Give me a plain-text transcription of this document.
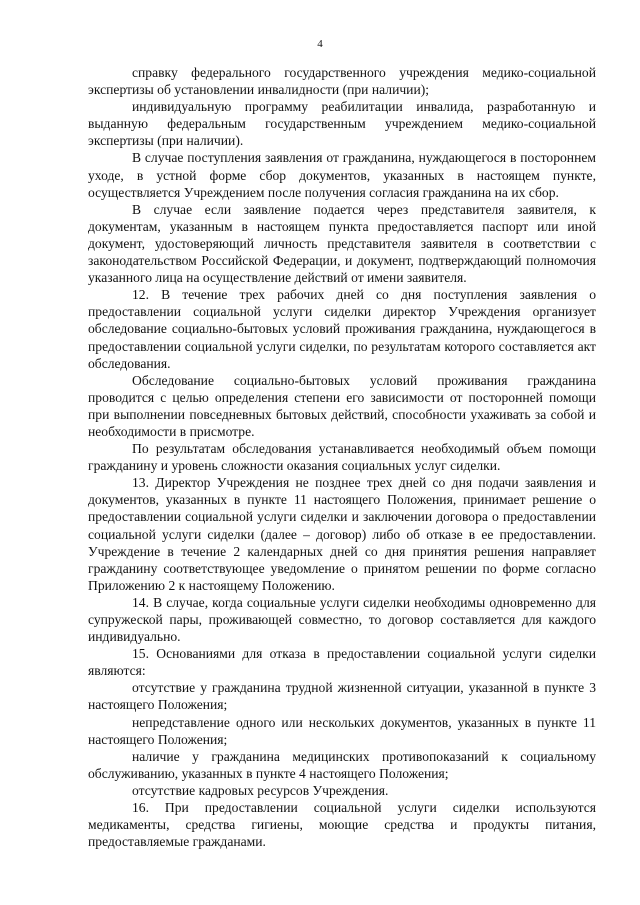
4

справку федерального государственного учреждения медико-социальной экспертизы об установлении инвалидности (при наличии);

индивидуальную программу реабилитации инвалида, разработанную и выданную федеральным государственным учреждением медико-социальной экспертизы (при наличии).

В случае поступления заявления от гражданина, нуждающегося в постороннем уходе, в устной форме сбор документов, указанных в настоящем пункте, осуществляется Учреждением после получения согласия гражданина на их сбор.

В случае если заявление подается через представителя заявителя, к документам, указанным в настоящем пункта предоставляется паспорт или иной документ, удостоверяющий личность представителя заявителя в соответствии с законодательством Российской Федерации, и документ, подтверждающий полномочия указанного лица на осуществление действий от имени заявителя.

12. В течение трех рабочих дней со дня поступления заявления о предоставлении социальной услуги сиделки директор Учреждения организует обследование социально-бытовых условий проживания гражданина, нуждающегося в предоставлении социальной услуги сиделки, по результатам которого составляется акт обследования.

Обследование социально-бытовых условий проживания гражданина проводится с целью определения степени его зависимости от посторонней помощи при выполнении повседневных бытовых действий, способности ухаживать за собой и необходимости в присмотре.

По результатам обследования устанавливается необходимый объем помощи гражданину и уровень сложности оказания социальных услуг сиделки.

13. Директор Учреждения не позднее трех дней со дня подачи заявления и документов, указанных в пункте 11 настоящего Положения, принимает решение о предоставлении социальной услуги сиделки и заключении договора о предоставлении социальной услуги сиделки (далее – договор) либо об отказе в ее предоставлении. Учреждение в течение 2 календарных дней со дня принятия решения направляет гражданину соответствующее уведомление о принятом решении по форме согласно Приложению 2 к настоящему Положению.

14. В случае, когда социальные услуги сиделки необходимы одновременно для супружеской пары, проживающей совместно, то договор составляется для каждого индивидуально.

15. Основаниями для отказа в предоставлении социальной услуги сиделки являются:

отсутствие у гражданина трудной жизненной ситуации, указанной в пункте 3 настоящего Положения;

непредставление одного или нескольких документов, указанных в пункте 11 настоящего Положения;

наличие у гражданина медицинских противопоказаний к социальному обслуживанию, указанных в пункте 4 настоящего Положения;

отсутствие кадровых ресурсов Учреждения.

16. При предоставлении социальной услуги сиделки используются медикаменты, средства гигиены, моющие средства и продукты питания, предоставляемые гражданами.
